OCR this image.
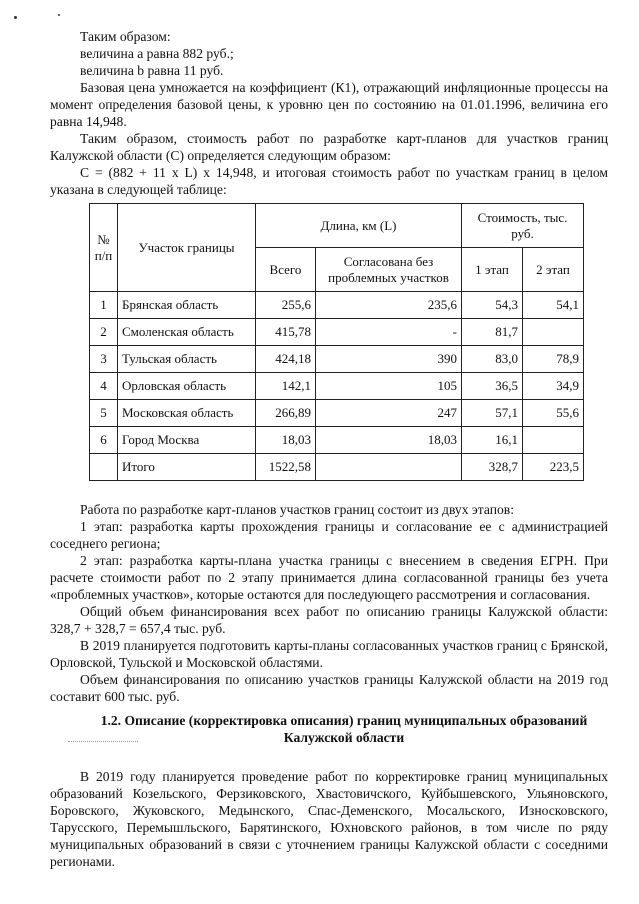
Таким образом:

величина a равна 882 руб.;

величина b равна 11 руб.

Базовая цена умножается на коэффициент (К1), отражающий инфляционные процессы на момент определения базовой цены, к уровню цен по состоянию на 01.01.1996, величина его равна 14,948.

Таким образом, стоимость работ по разработке карт-планов для участков границ Калужской области (С) определяется следующим образом:

С = (882 + 11 x L) х 14,948, и итоговая стоимость работ по участкам границ в целом указана в следующей таблице:

№ п/п	Участок границы	Длина, км (L)		Стоимость, тыс. руб.	
		Всего	Согласована без проблемных участков	1 этап	2 этап
1	Брянская область	255,6	235,6	54,3	54,1
2	Смоленская область	415,78	-	81,7	
3	Тульская область	424,18	390	83,0	78,9
4	Орловская область	142,1	105	36,5	34,9
5	Московская область	266,89	247	57,1	55,6
6	Город Москва	18,03	18,03	16,1	
	Итого	1522,58		328,7	223,5

Работа по разработке карт-планов участков границ состоит из двух этапов:

1 этап: разработка карты прохождения границы и согласование ее с администрацией соседнего региона;

2 этап: разработка карты-плана участка границы с внесением в сведения ЕГРН. При расчете стоимости работ по 2 этапу принимается длина согласованной границы без учета «проблемных участков», которые остаются для последующего рассмотрения и согласования.

Общий объем финансирования всех работ по описанию границы Калужской области: 328,7 + 328,7 = 657,4 тыс. руб.

В 2019 планируется подготовить карты-планы согласованных участков границ с Брянской, Орловской, Тульской и Московской областями.

Объем финансирования по описанию участков границы Калужской области на 2019 год составит 600 тыс. руб.

1.2. Описание (корректировка описания) границ муниципальных образований Калужской области

В 2019 году планируется проведение работ по корректировке границ муниципальных образований Козельского, Ферзиковского, Хвастовичского, Куйбышевского, Ульяновского, Боровского, Жуковского, Медынского, Спас-Деменского, Мосальского, Износковского, Тарусского, Перемышльского, Барятинского, Юхновского районов, в том числе по ряду муниципальных образований в связи с уточнением границы Калужской области с соседними регионами.
